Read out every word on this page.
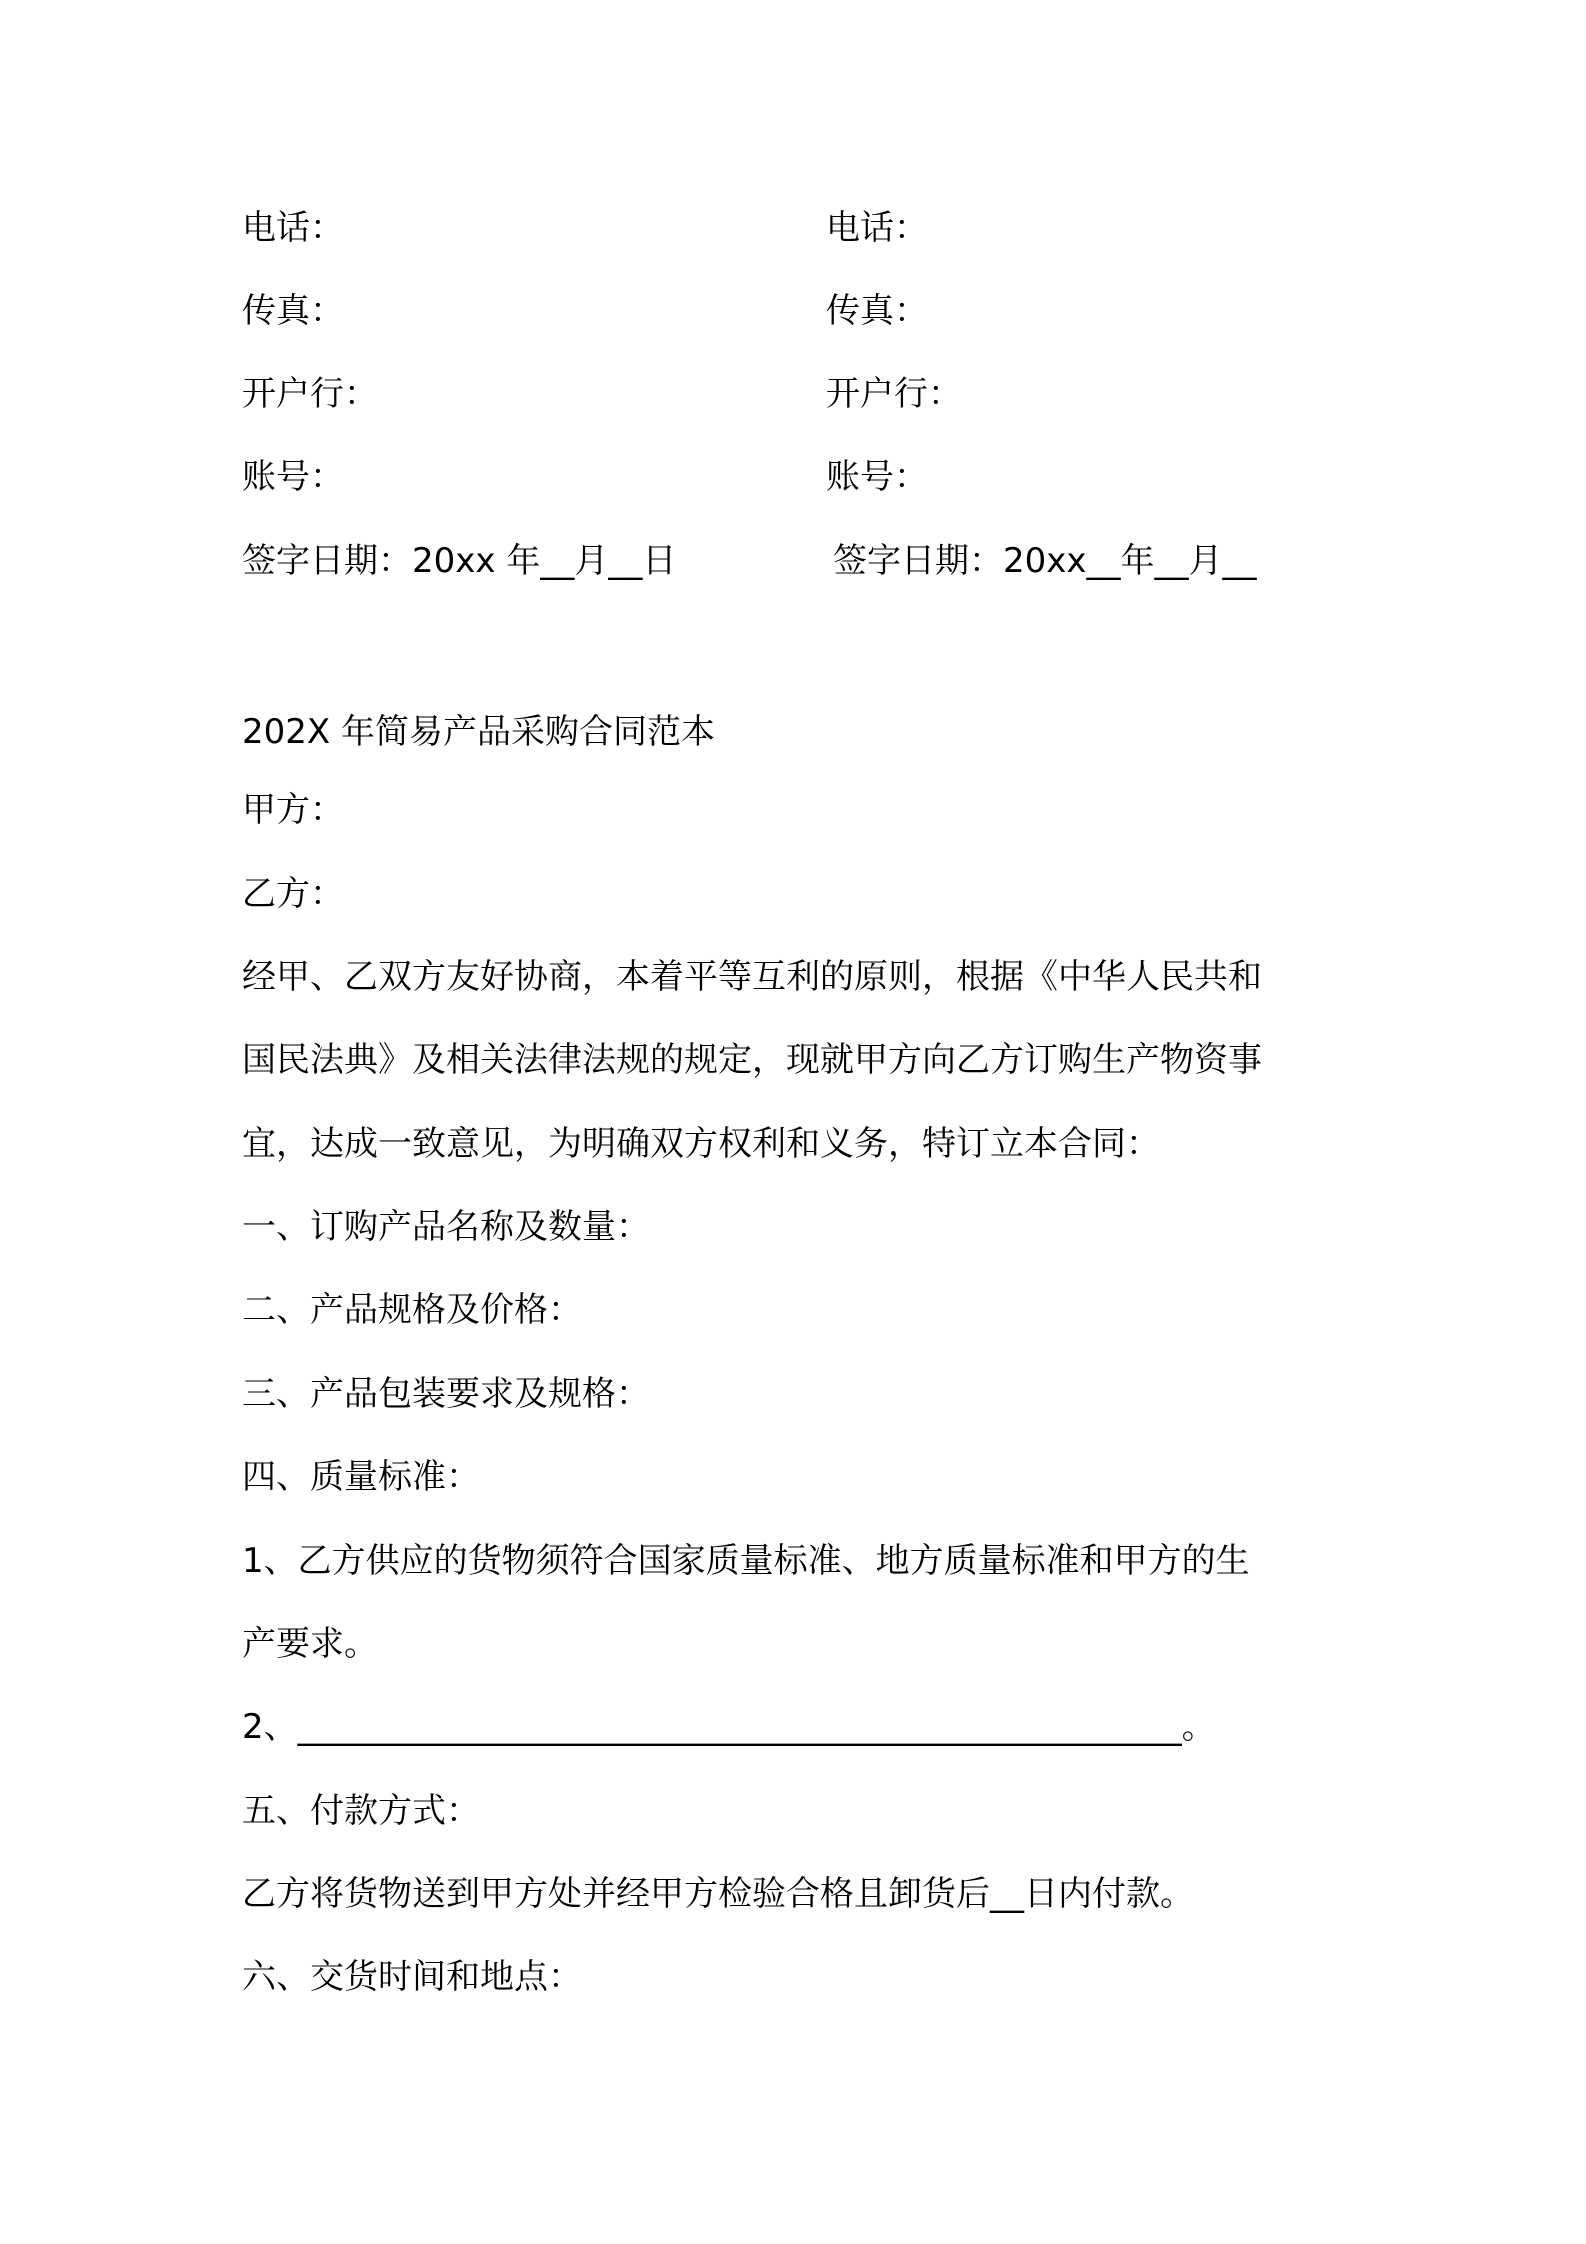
电话：
传真：
开户行：
账号：
签字日期：20xx 年__月__日
电话：
传真：
开户行：
账号：
签字日期：20xx__年__月__
202X 年简易产品采购合同范本
甲方：
乙方：
经甲、乙双方友好协商，本着平等互利的原则，根据《中华人民共和
国民法典》及相关法律法规的规定，现就甲方向乙方订购生产物资事
宜，达成一致意见，为明确双方权利和义务，特订立本合同：
一、订购产品名称及数量：
二、产品规格及价格：
三、产品包装要求及规格：
四、质量标准：
1、乙方供应的货物须符合国家质量标准、地方质量标准和甲方的生
产要求。
2、____________________________________________________。
五、付款方式：
乙方将货物送到甲方处并经甲方检验合格且卸货后__日内付款。
六、交货时间和地点：
